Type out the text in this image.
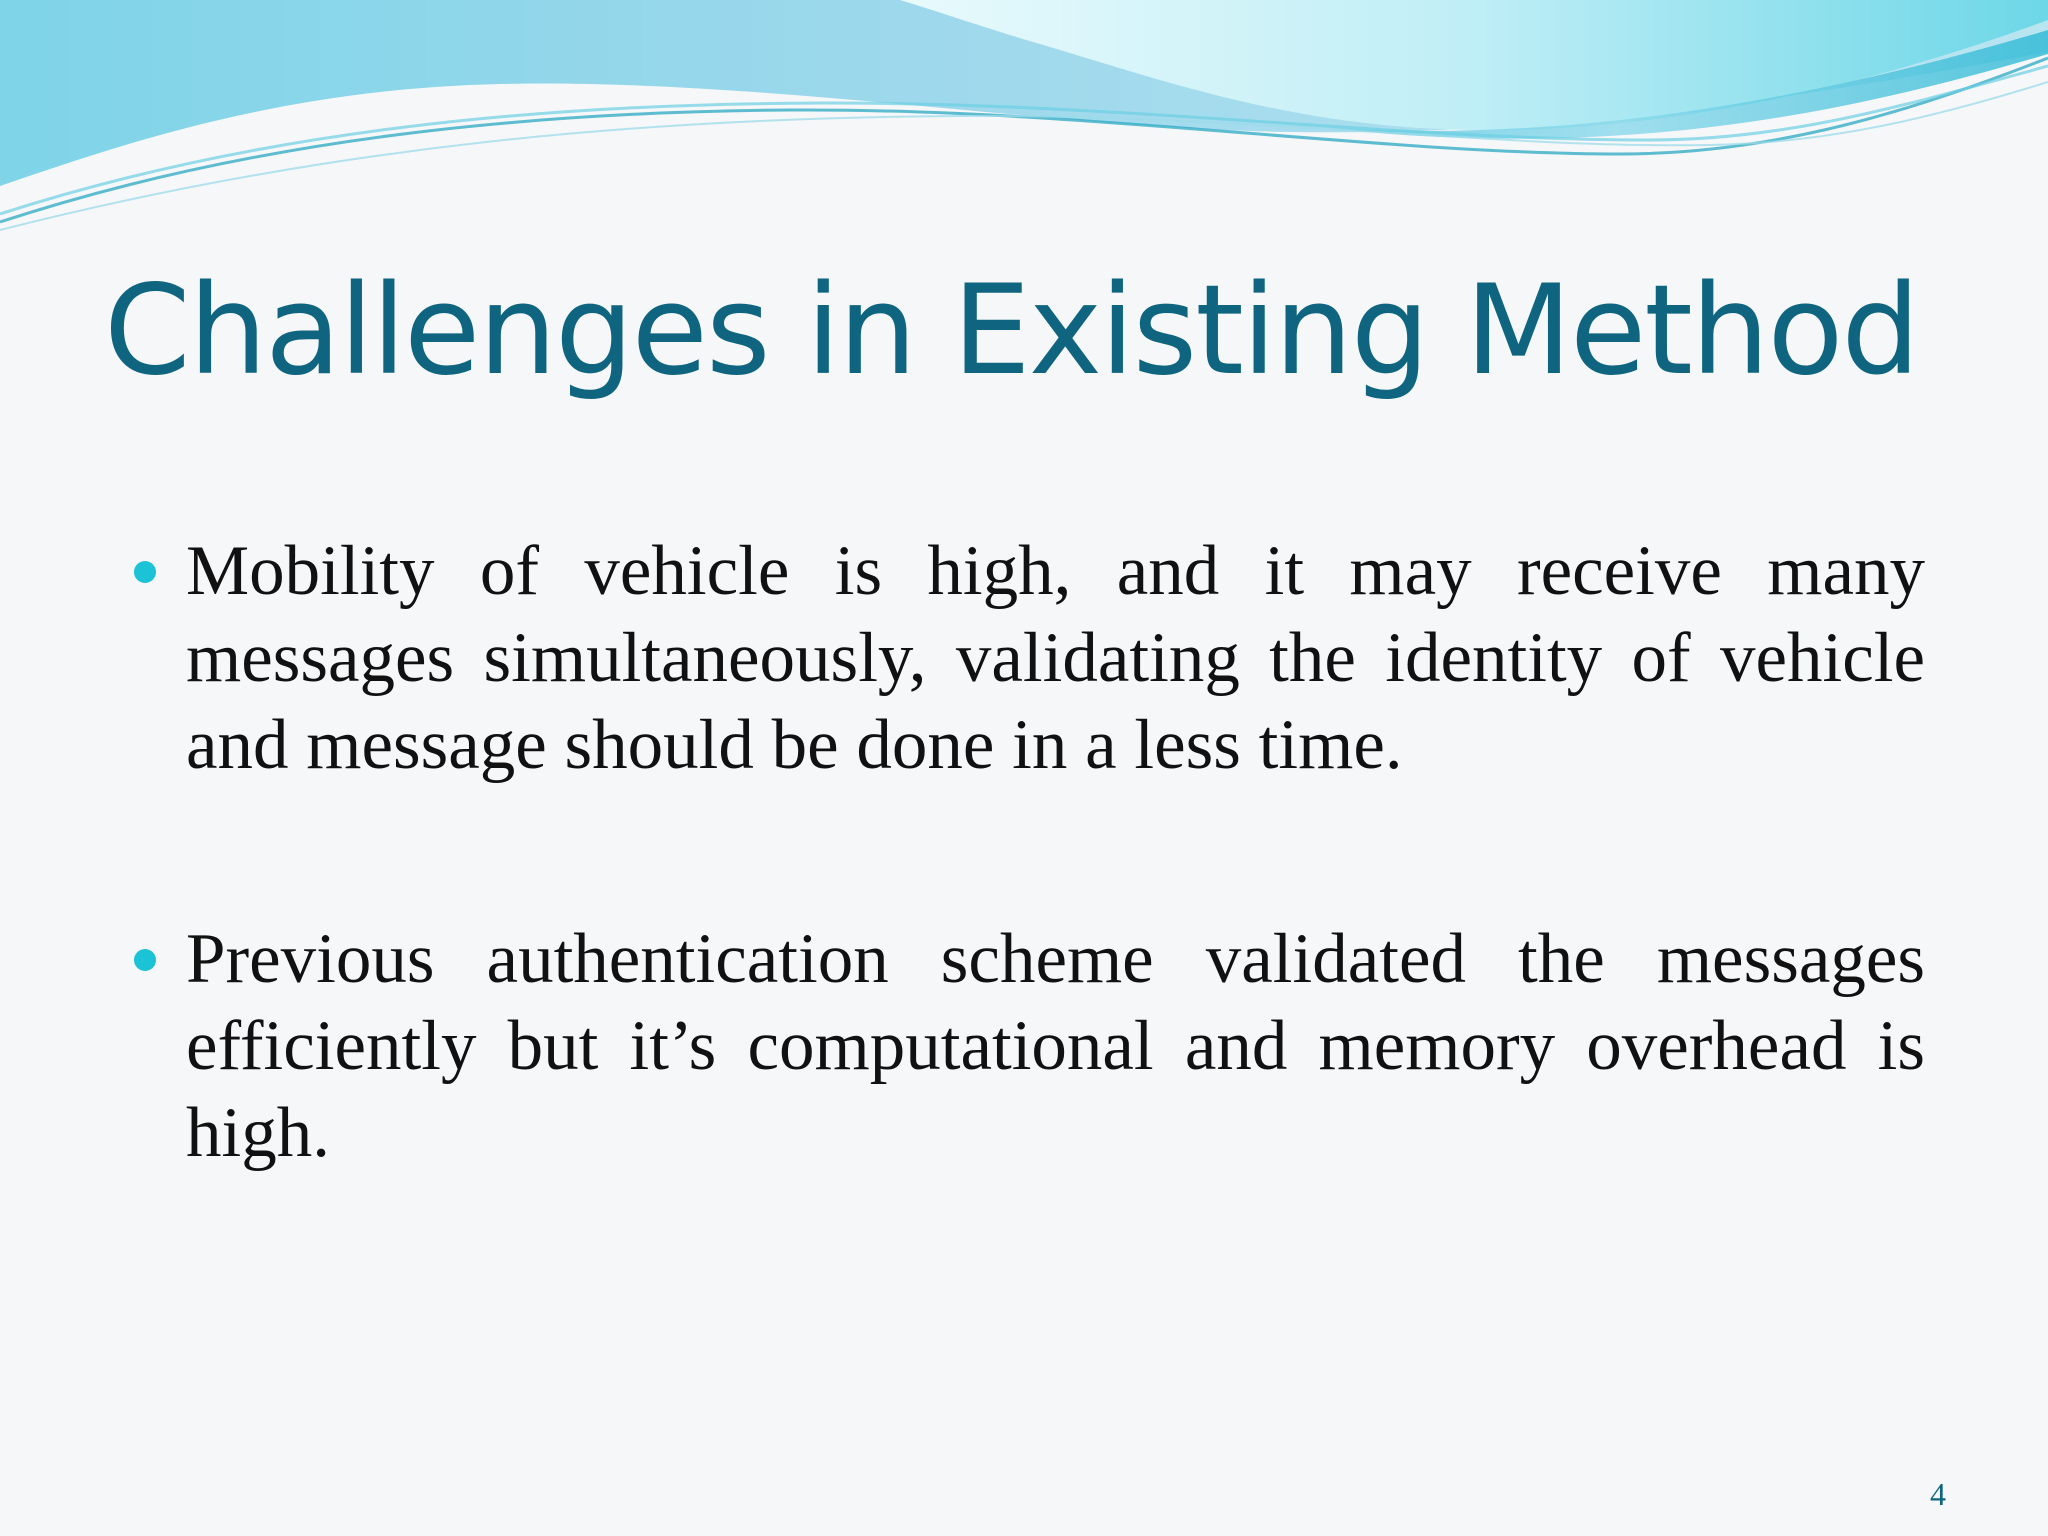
Challenges in Existing Method
Mobility of vehicle is high, and it may receive many messages simultaneously, validating the identity of vehicle and message should be done in a less time.
Previous authentication scheme validated the messages efficiently but it’s computational and memory overhead is high.
4
